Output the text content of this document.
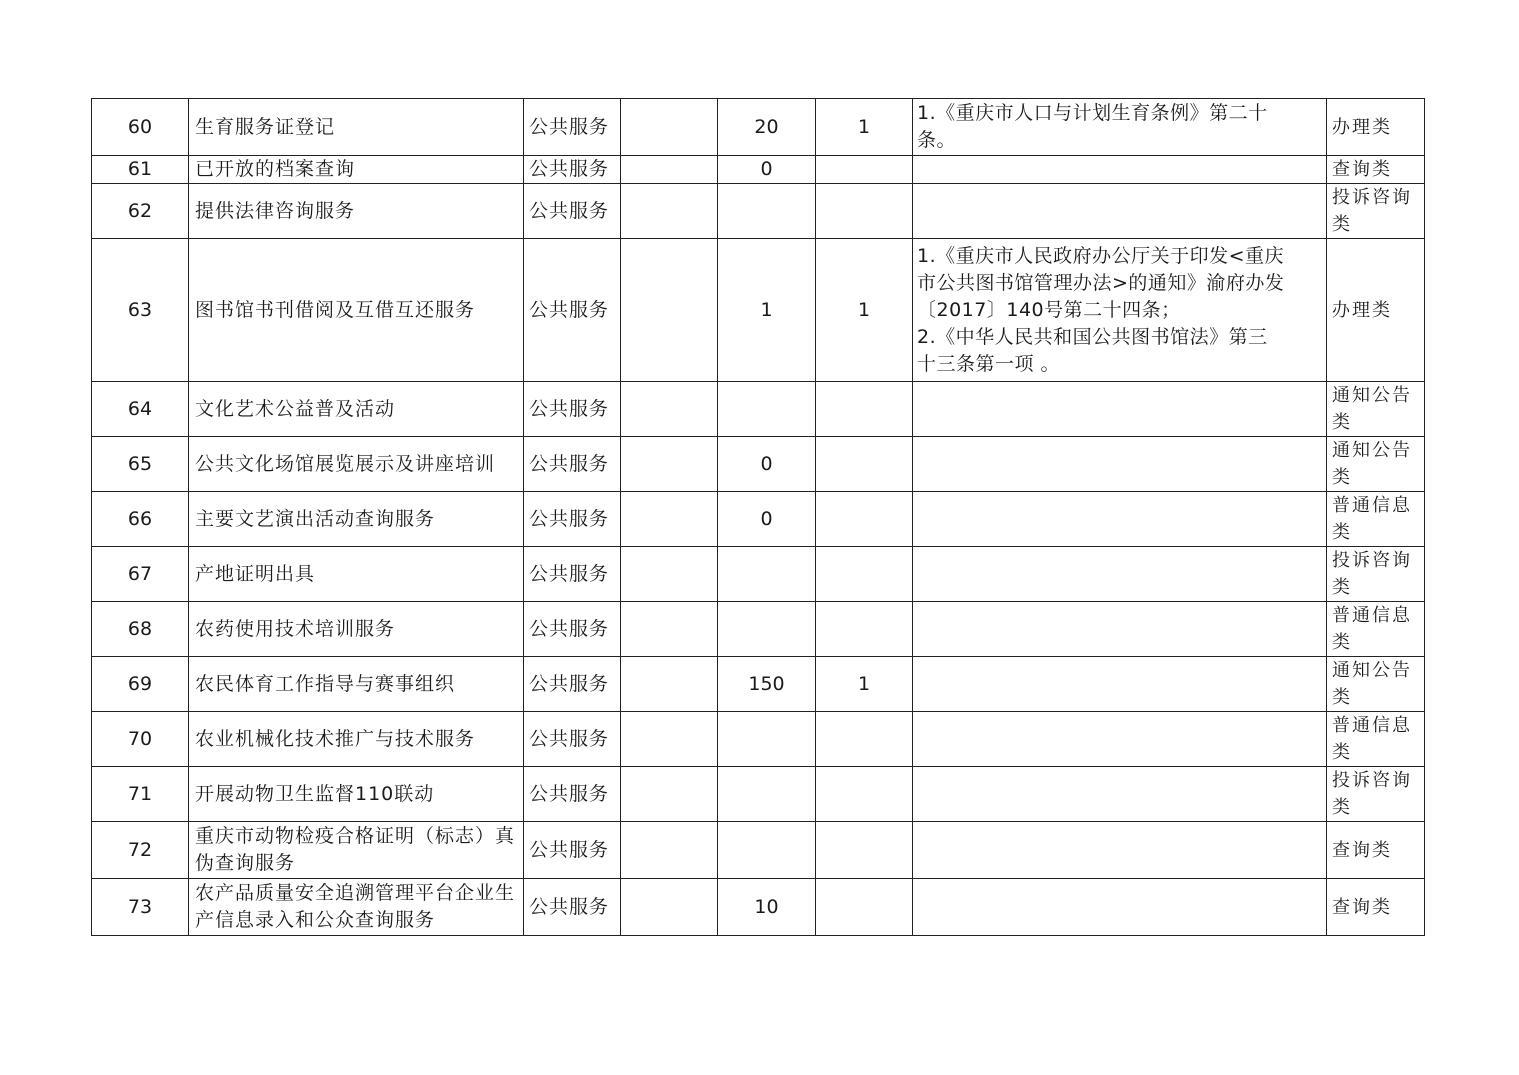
60	生育服务证登记	公共服务		20	1	1.《重庆市人口与计划生育条例》第二十
条。	办理类
61	已开放的档案查询	公共服务		0			查询类
62	提供法律咨询服务	公共服务					投诉咨询类
63	图书馆书刊借阅及互借互还服务	公共服务		1	1	1.《重庆市人民政府办公厅关于印发<重庆
市公共图书馆管理办法>的通知》渝府办发
〔2017〕140号第二十四条；
2.《中华人民共和国公共图书馆法》第三
十三条第一项 。	办理类
64	文化艺术公益普及活动	公共服务					通知公告类
65	公共文化场馆展览展示及讲座培训	公共服务		0			通知公告类
66	主要文艺演出活动查询服务	公共服务		0			普通信息类
67	产地证明出具	公共服务					投诉咨询类
68	农药使用技术培训服务	公共服务					普通信息类
69	农民体育工作指导与赛事组织	公共服务		150	1		通知公告类
70	农业机械化技术推广与技术服务	公共服务					普通信息类
71	开展动物卫生监督110联动	公共服务					投诉咨询类
72	重庆市动物检疫合格证明（标志）真伪查询服务	公共服务					查询类
73	农产品质量安全追溯管理平台企业生产信息录入和公众查询服务	公共服务		10			查询类
